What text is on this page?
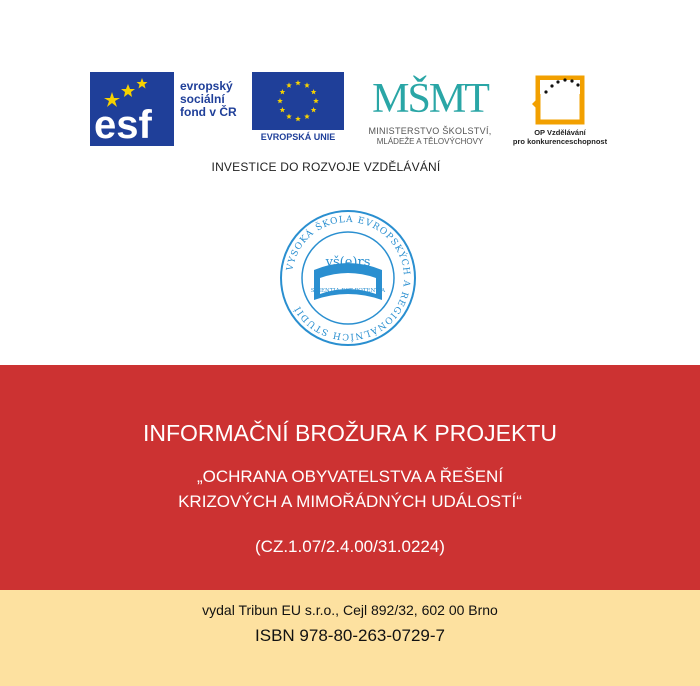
esf
evropský
sociální
fond v ČR
EVROPSKÁ UNIE
MŠMT
MINISTERSTVO ŠKOLSTVÍ,
MLÁDEŽE A TĚLOVÝCHOVY
OP Vzdělávání
pro konkurenceschopnost
INVESTICE DO ROZVOJE VZDĚLÁVÁNÍ
VYSOKÁ ŠKOLA EVROPSKÝCH A REGIONÁLNÍCH STUDIÍ
vš(e)rs
SCIENTIA EST POTENTIA
INFORMAČNÍ BROŽURA K PROJEKTU
„OCHRANA OBYVATELSTVA A ŘEŠENÍ
KRIZOVÝCH A MIMOŘÁDNÝCH UDÁLOSTÍ“
(CZ.1.07/2.4.00/31.0224)
vydal Tribun EU s.r.o., Cejl 892/32, 602 00 Brno
ISBN 978-80-263-0729-7
